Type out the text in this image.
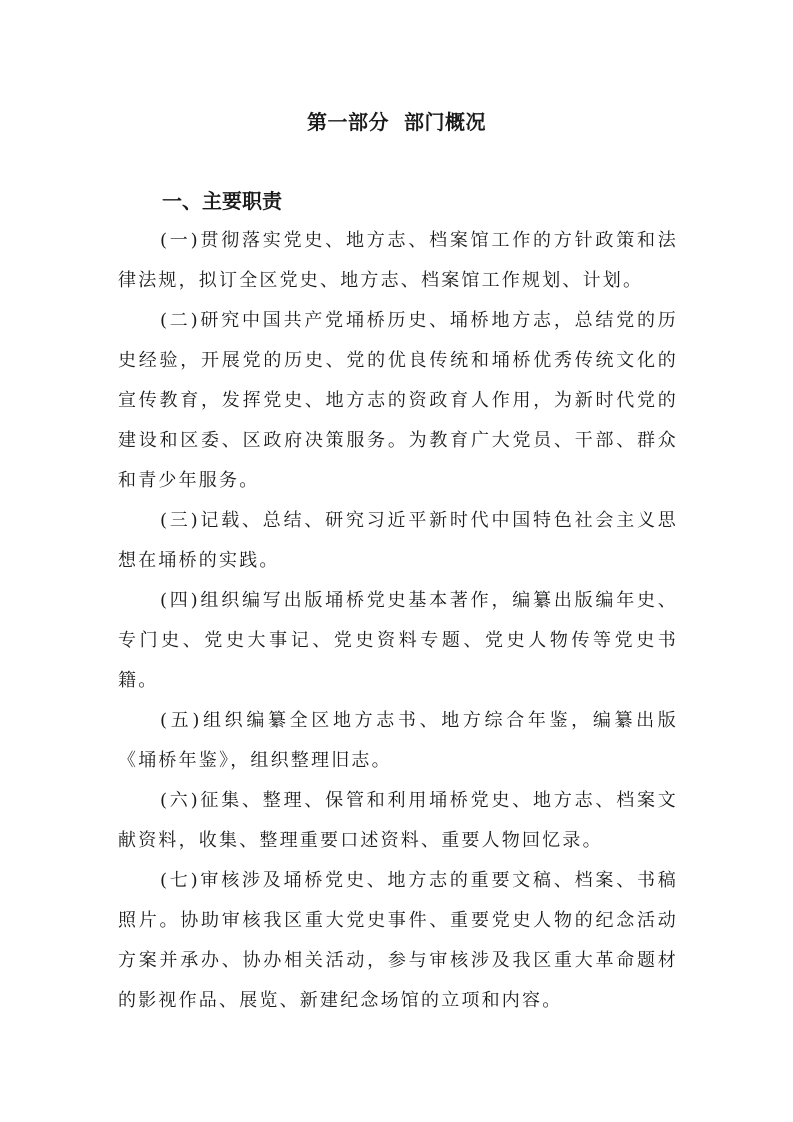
第一部分  部门概况
一、主要职责

(一)贯彻落实党史、地方志、档案馆工作的方针政策和法律法规，拟订全区党史、地方志、档案馆工作规划、计划。

(二)研究中国共产党埇桥历史、埇桥地方志，总结党的历史经验，开展党的历史、党的优良传统和埇桥优秀传统文化的宣传教育，发挥党史、地方志的资政育人作用，为新时代党的建设和区委、区政府决策服务。为教育广大党员、干部、群众和青少年服务。

(三)记载、总结、研究习近平新时代中国特色社会主义思想在埇桥的实践。

(四)组织编写出版埇桥党史基本著作，编纂出版编年史、专门史、党史大事记、党史资料专题、党史人物传等党史书籍。

(五)组织编纂全区地方志书、地方综合年鉴，编纂出版《埇桥年鉴》，组织整理旧志。

(六)征集、整理、保管和利用埇桥党史、地方志、档案文献资料，收集、整理重要口述资料、重要人物回忆录。

(七)审核涉及埇桥党史、地方志的重要文稿、档案、书稿照片。协助审核我区重大党史事件、重要党史人物的纪念活动方案并承办、协办相关活动，参与审核涉及我区重大革命题材的影视作品、展览、新建纪念场馆的立项和内容。
